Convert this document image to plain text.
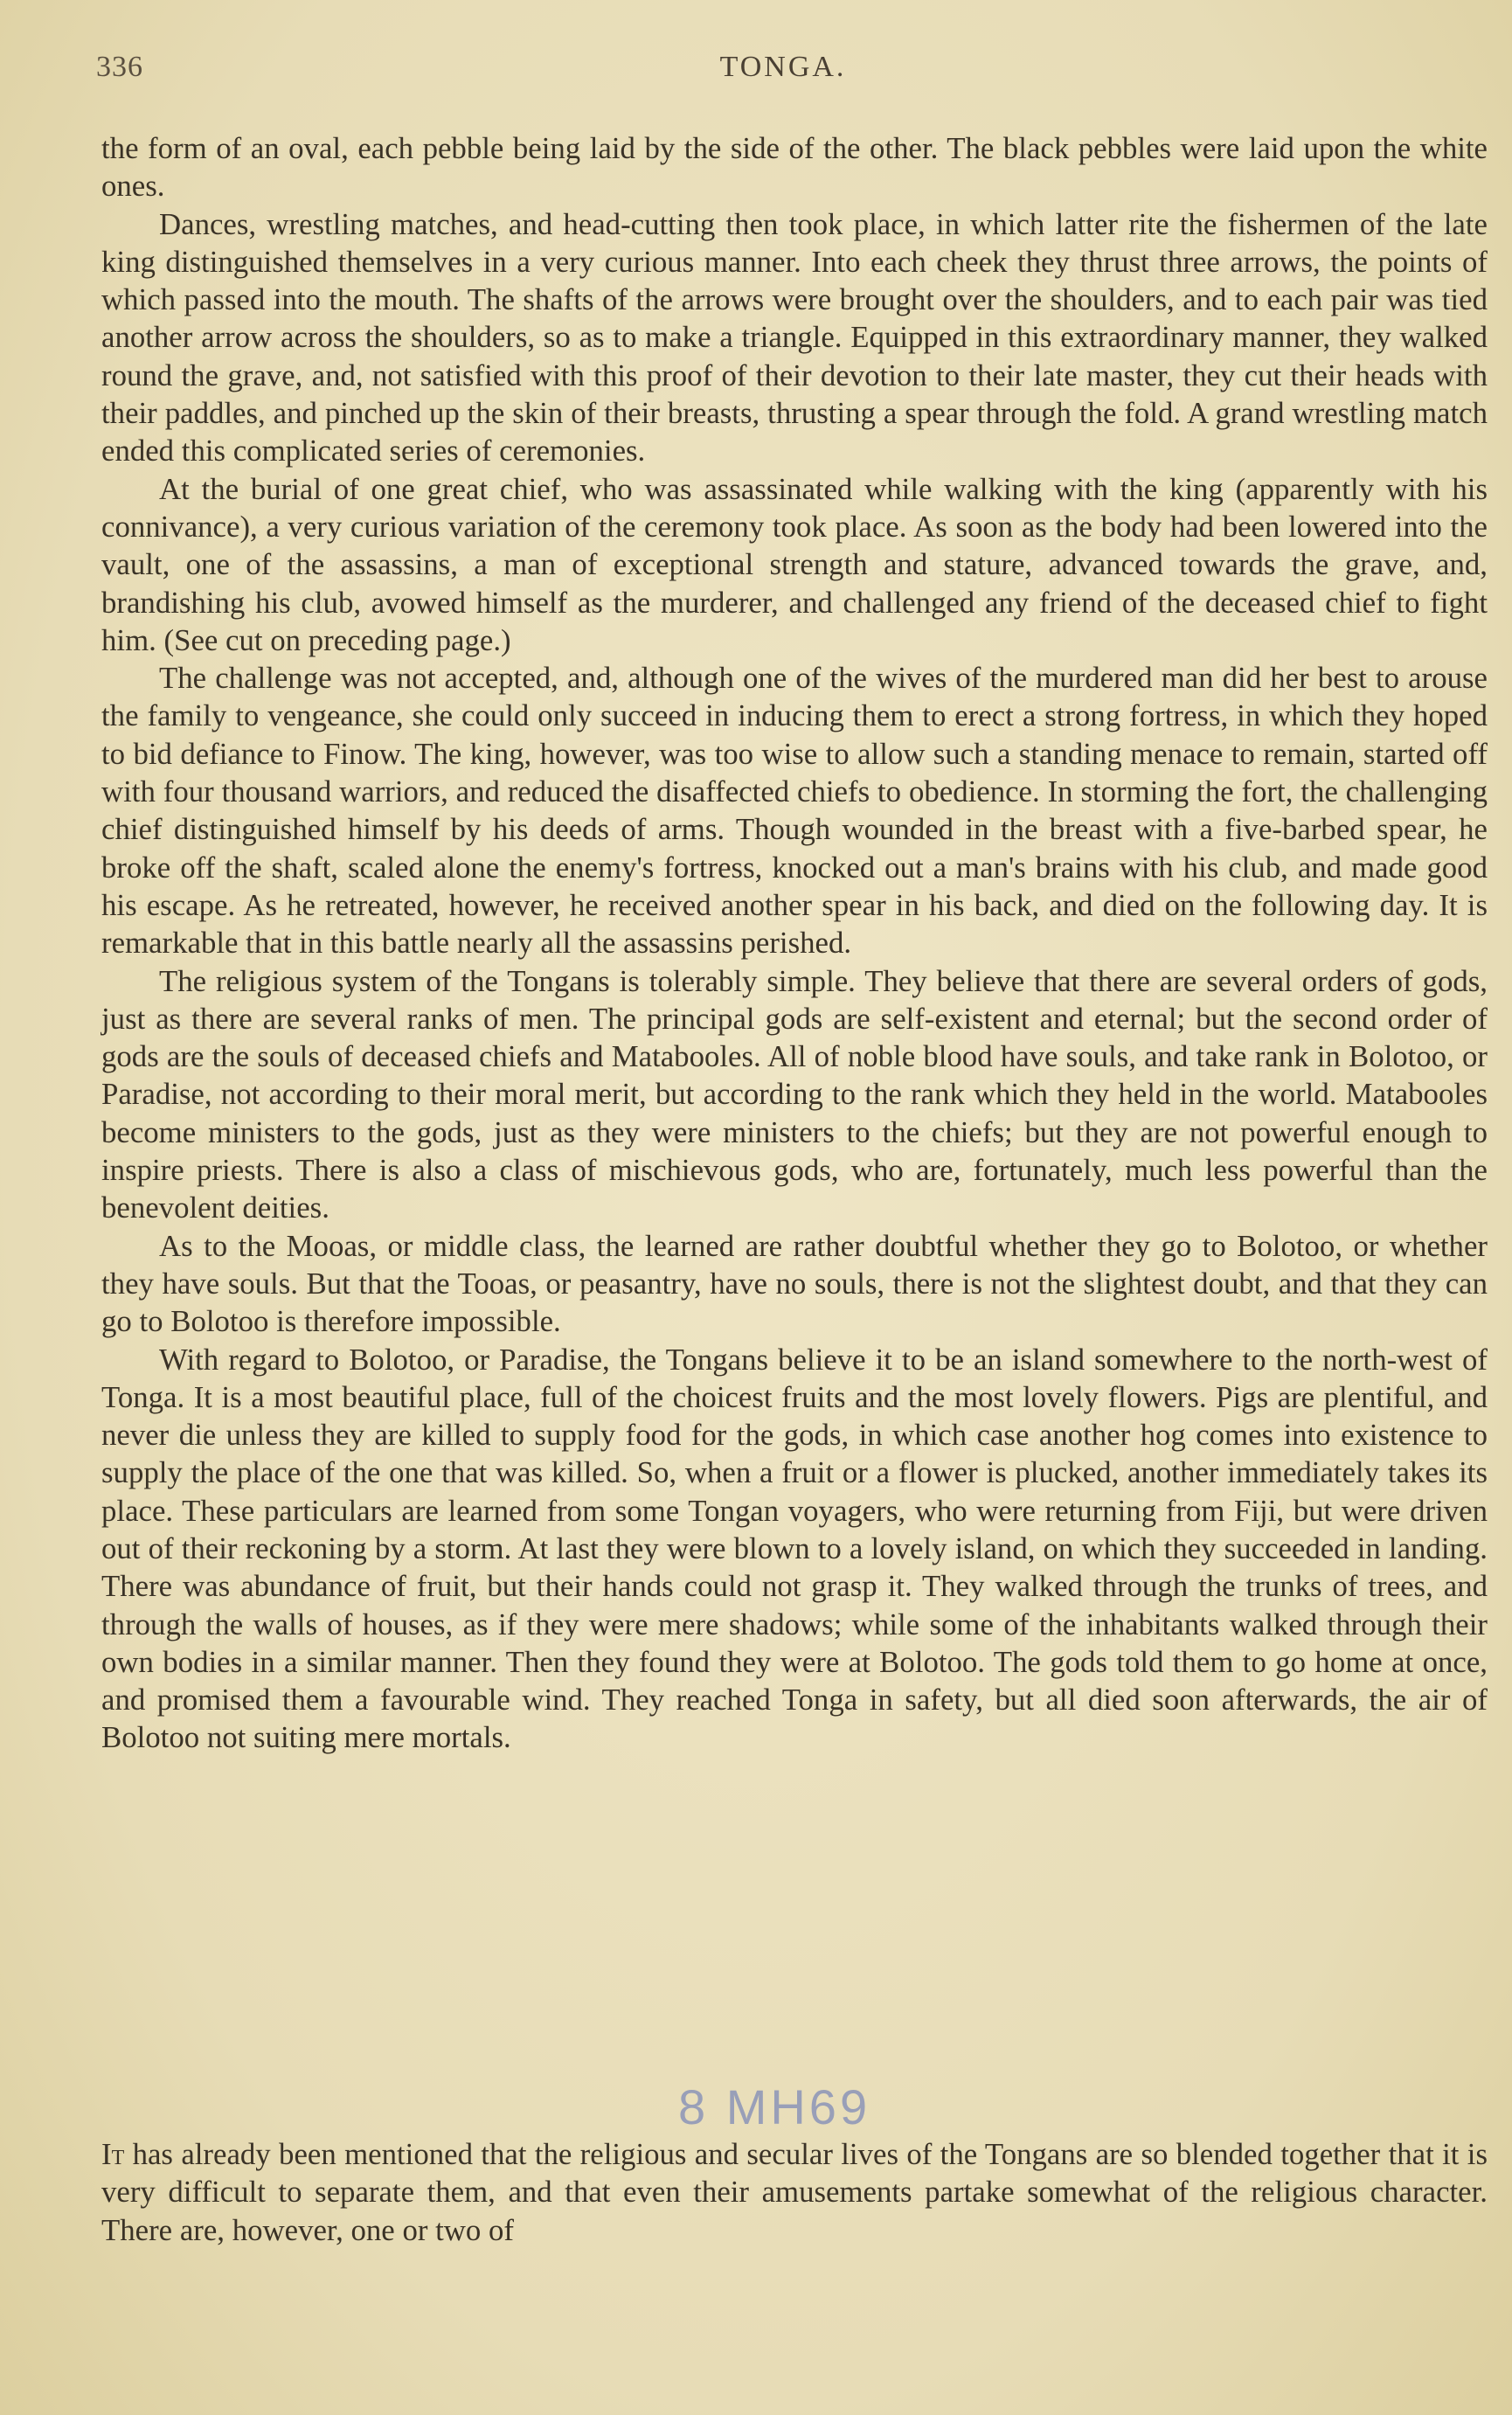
336	TONGA.

the form of an oval, each pebble being laid by the side of the other. The black pebbles were laid upon the white ones.

Dances, wrestling matches, and head-cutting then took place, in which latter rite the fishermen of the late king distinguished themselves in a very curious manner. Into each cheek they thrust three arrows, the points of which passed into the mouth. The shafts of the arrows were brought over the shoulders, and to each pair was tied another arrow across the shoulders, so as to make a triangle. Equipped in this extraordinary manner, they walked round the grave, and, not satisfied with this proof of their devotion to their late master, they cut their heads with their paddles, and pinched up the skin of their breasts, thrusting a spear through the fold. A grand wrestling match ended this complicated series of ceremonies.

At the burial of one great chief, who was assassinated while walking with the king (apparently with his connivance), a very curious variation of the ceremony took place. As soon as the body had been lowered into the vault, one of the assassins, a man of exceptional strength and stature, advanced towards the grave, and, brandishing his club, avowed himself as the murderer, and challenged any friend of the deceased chief to fight him. (See cut on preceding page.)

The challenge was not accepted, and, although one of the wives of the murdered man did her best to arouse the family to vengeance, she could only succeed in inducing them to erect a strong fortress, in which they hoped to bid defiance to Finow. The king, however, was too wise to allow such a standing menace to remain, started off with four thousand warriors, and reduced the disaffected chiefs to obedience. In storming the fort, the challenging chief distinguished himself by his deeds of arms. Though wounded in the breast with a five-barbed spear, he broke off the shaft, scaled alone the enemy's fortress, knocked out a man's brains with his club, and made good his escape. As he retreated, however, he received another spear in his back, and died on the following day. It is remarkable that in this battle nearly all the assassins perished.

The religious system of the Tongans is tolerably simple. They believe that there are several orders of gods, just as there are several ranks of men. The principal gods are self-existent and eternal; but the second order of gods are the souls of deceased chiefs and Matabooles. All of noble blood have souls, and take rank in Bolotoo, or Paradise, not according to their moral merit, but according to the rank which they held in the world. Matabooles become ministers to the gods, just as they were ministers to the chiefs; but they are not powerful enough to inspire priests. There is also a class of mischievous gods, who are, fortunately, much less powerful than the benevolent deities.

As to the Mooas, or middle class, the learned are rather doubtful whether they go to Bolotoo, or whether they have souls. But that the Tooas, or peasantry, have no souls, there is not the slightest doubt, and that they can go to Bolotoo is therefore impossible.

With regard to Bolotoo, or Paradise, the Tongans believe it to be an island somewhere to the north-west of Tonga. It is a most beautiful place, full of the choicest fruits and the most lovely flowers. Pigs are plentiful, and never die unless they are killed to supply food for the gods, in which case another hog comes into existence to supply the place of the one that was killed. So, when a fruit or a flower is plucked, another immediately takes its place. These particulars are learned from some Tongan voyagers, who were returning from Fiji, but were driven out of their reckoning by a storm. At last they were blown to a lovely island, on which they succeeded in landing. There was abundance of fruit, but their hands could not grasp it. They walked through the trunks of trees, and through the walls of houses, as if they were mere shadows; while some of the inhabitants walked through their own bodies in a similar manner. Then they found they were at Bolotoo. The gods told them to go home at once, and promised them a favourable wind. They reached Tonga in safety, but all died soon afterwards, the air of Bolotoo not suiting mere mortals.

8 MH69

It has already been mentioned that the religious and secular lives of the Tongans are so blended together that it is very difficult to separate them, and that even their amusements partake somewhat of the religious character. There are, however, one or two of
